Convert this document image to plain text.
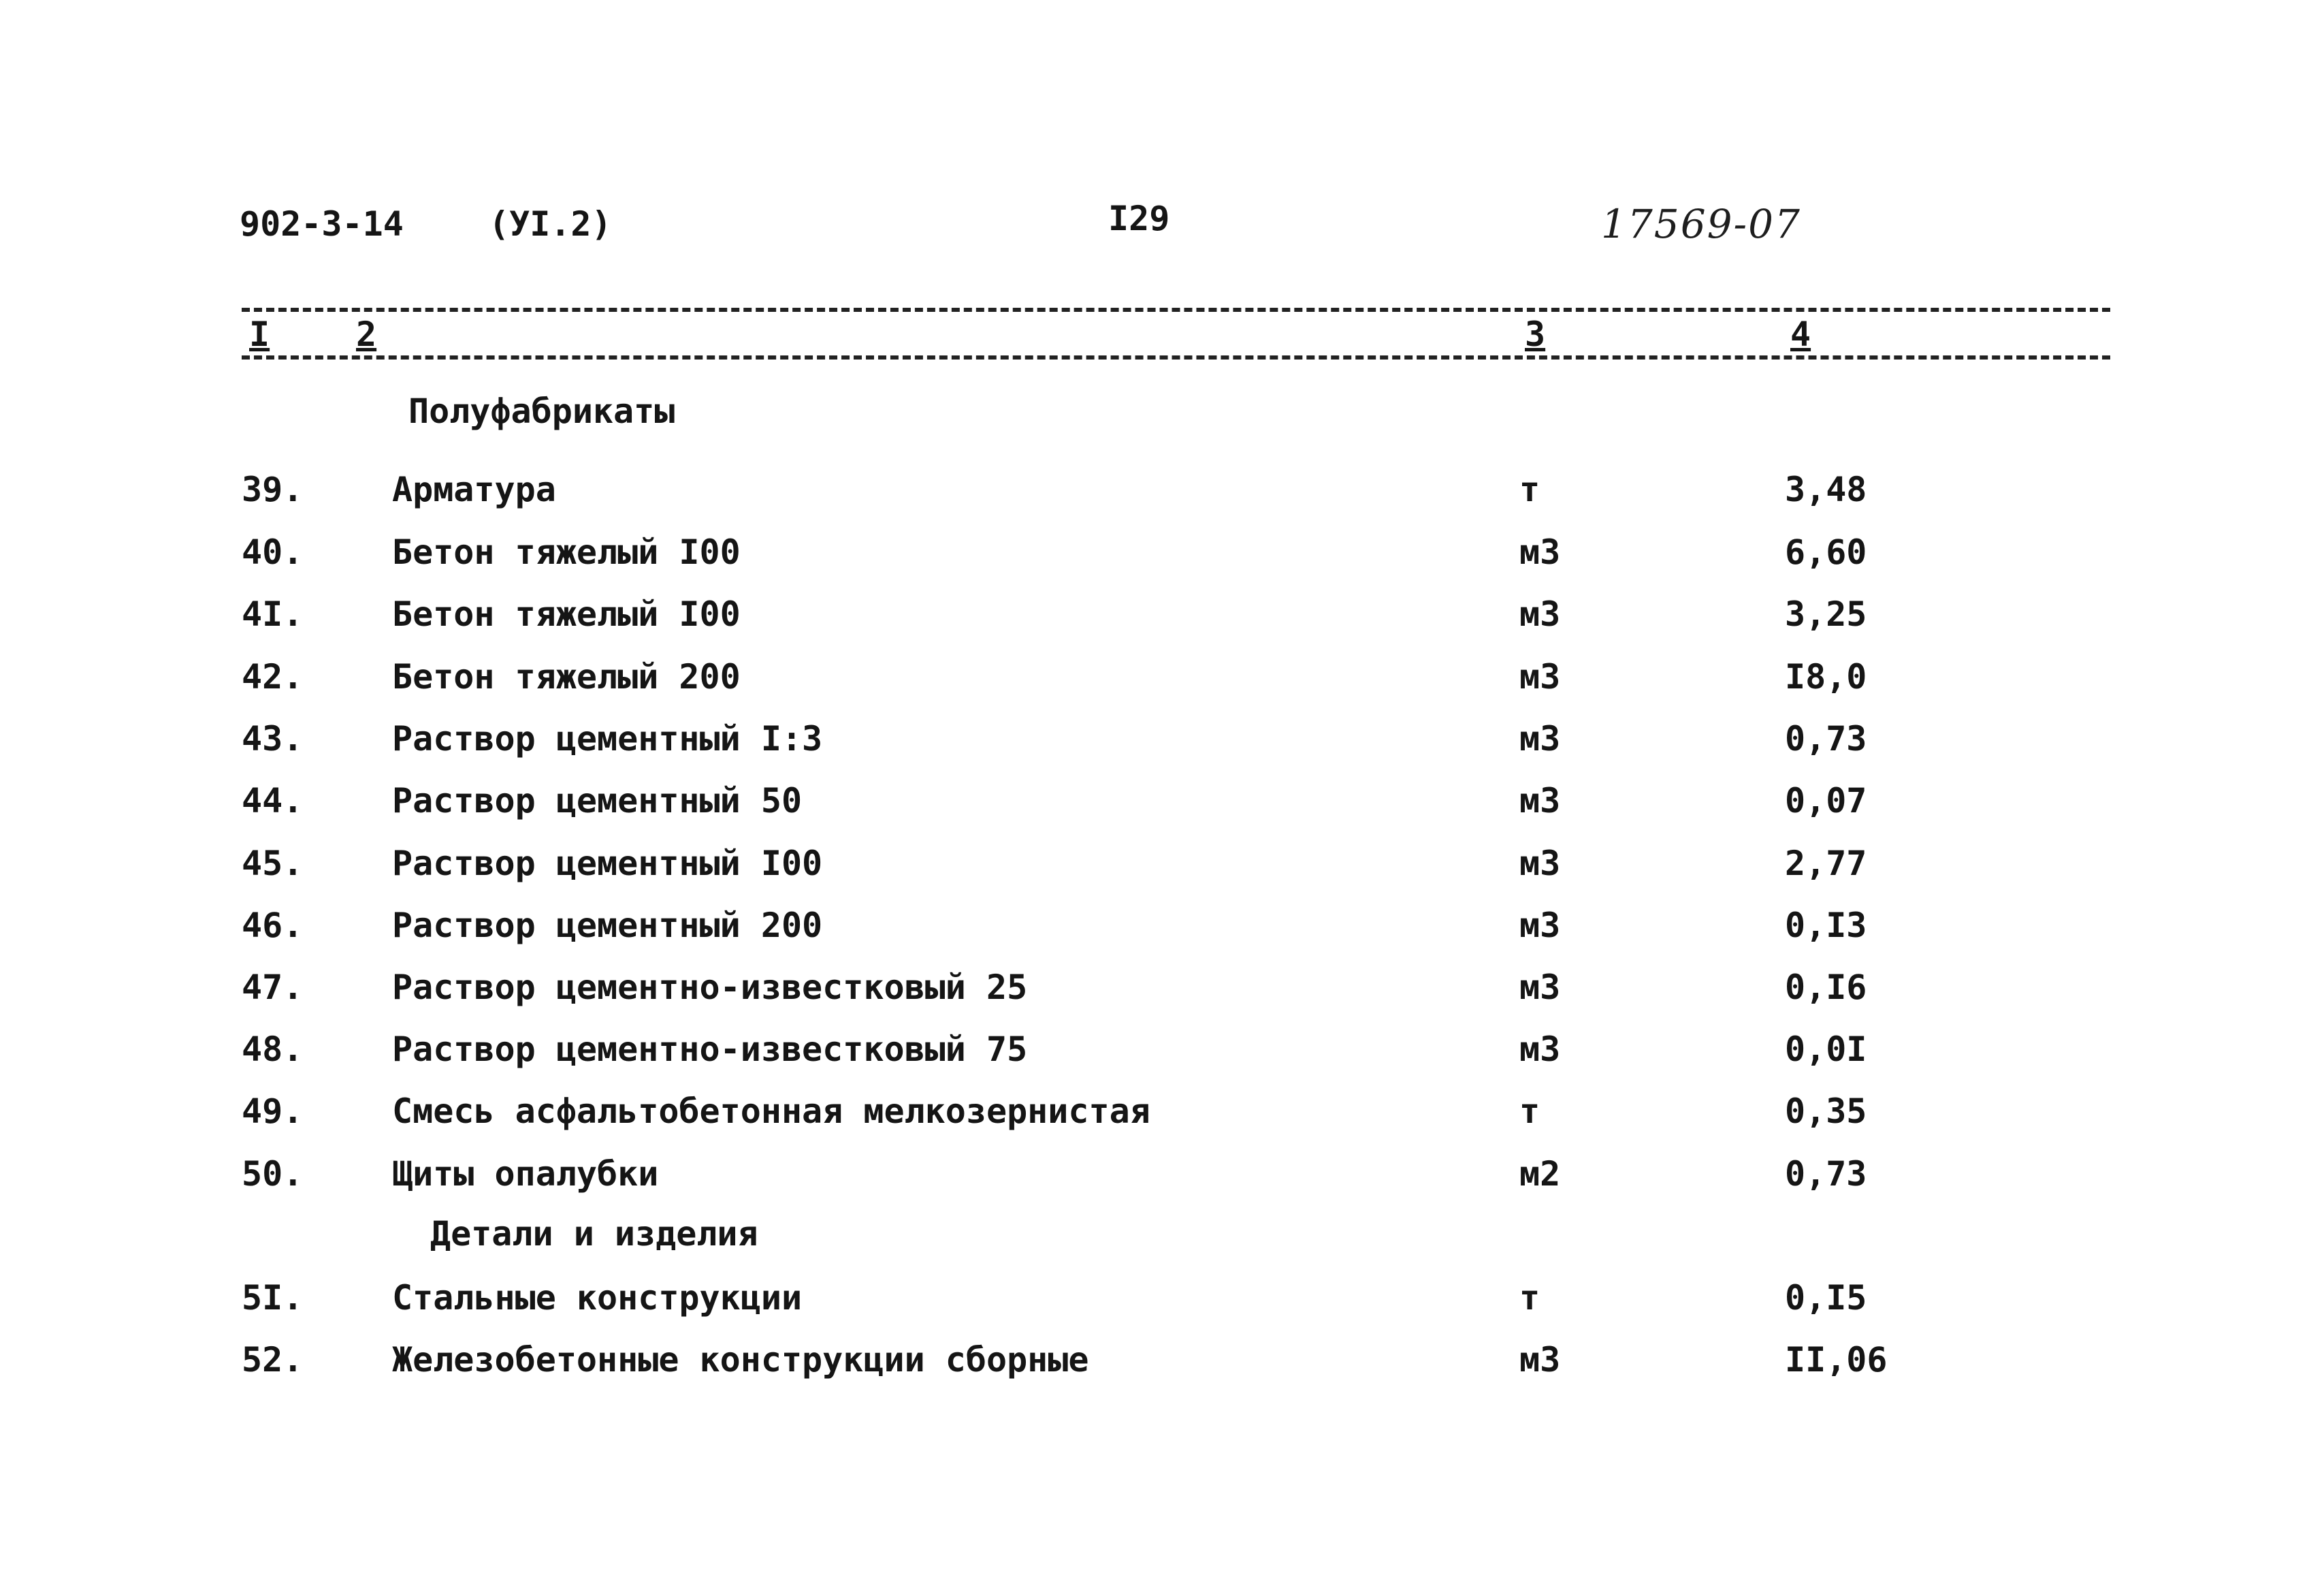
902-3-14	(УI.2)	I29	17569-07
I	2	3	4
Полуфабрикаты
39.	Арматура	т	3,48
40.	Бетон тяжелый I00	м3	6,60
4I.	Бетон тяжелый I00	м3	3,25
42.	Бетон тяжелый 200	м3	I8,0
43.	Раствор цементный I:3	м3	0,73
44.	Раствор цементный 50	м3	0,07
45.	Раствор цементный I00	м3	2,77
46.	Раствор цементный 200	м3	0,I3
47.	Раствор цементно-известковый 25	м3	0,I6
48.	Раствор цементно-известковый 75	м3	0,0I
49.	Смесь асфальтобетонная мелкозернистая	т	0,35
50.	Щиты опалубки	м2	0,73
Детали и изделия
5I.	Стальные конструкции	т	0,I5
52.	Железобетонные конструкции сборные	м3	II,06
